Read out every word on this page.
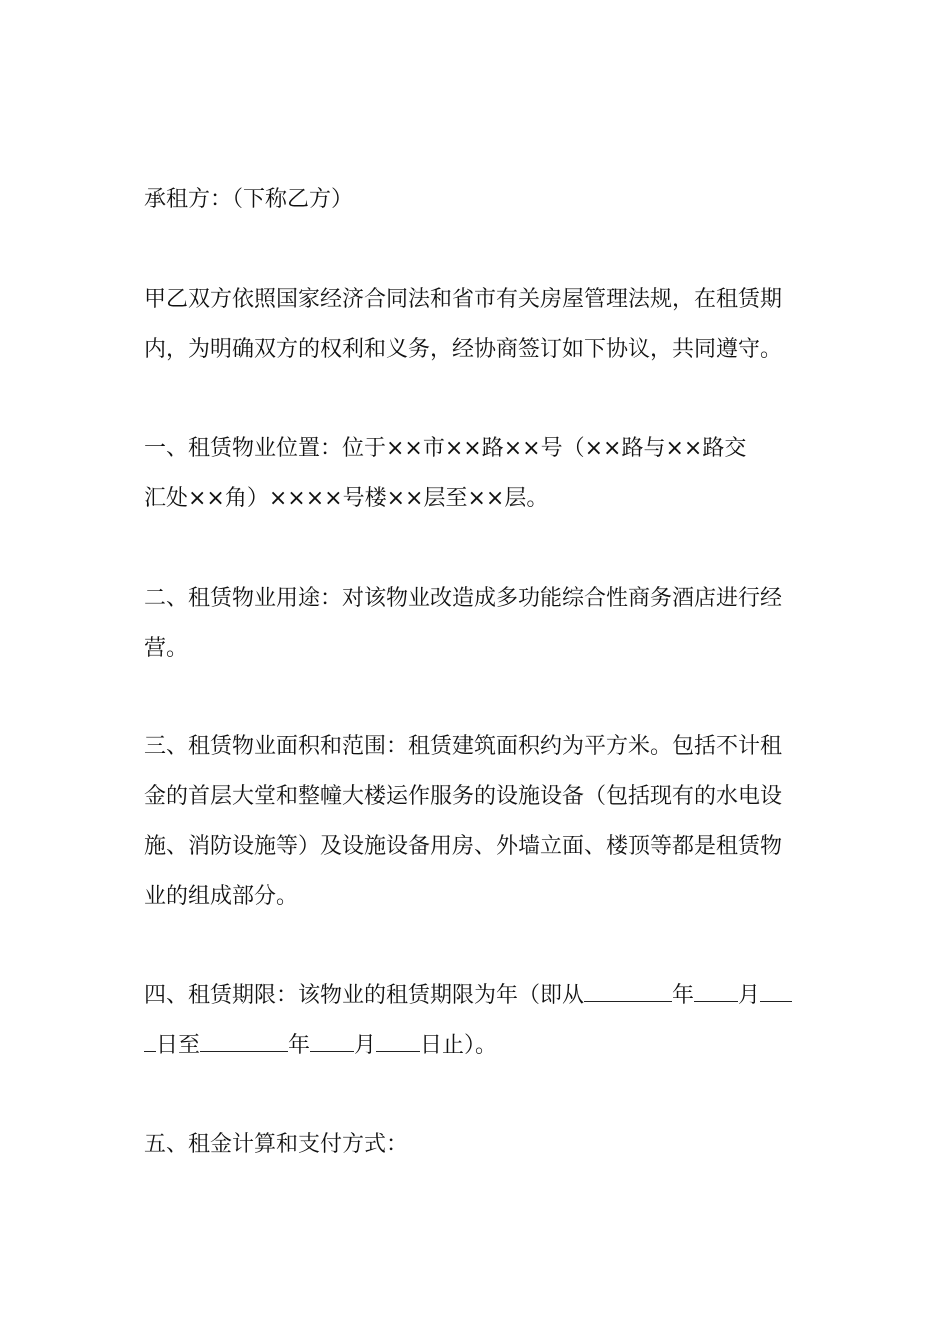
承租方：（下称乙方）
甲乙双方依照国家经济合同法和省市有关房屋管理法规，在租赁期
内，为明确双方的权利和义务，经协商签订如下协议，共同遵守。
一、租赁物业位置：位于××市××路××号（××路与××路交
汇处××角）××××号楼××层至××层。
二、租赁物业用途：对该物业改造成多功能综合性商务酒店进行经
营。
三、租赁物业面积和范围：租赁建筑面积约为平方米。包括不计租
金的首层大堂和整幢大楼运作服务的设施设备（包括现有的水电设
施、消防设施等）及设施设备用房、外墙立面、楼顶等都是租赁物
业的组成部分。
四、租赁期限：该物业的租赁期限为年（即从	年 月
日至	年 月 日止）。
五、租金计算和支付方式：
